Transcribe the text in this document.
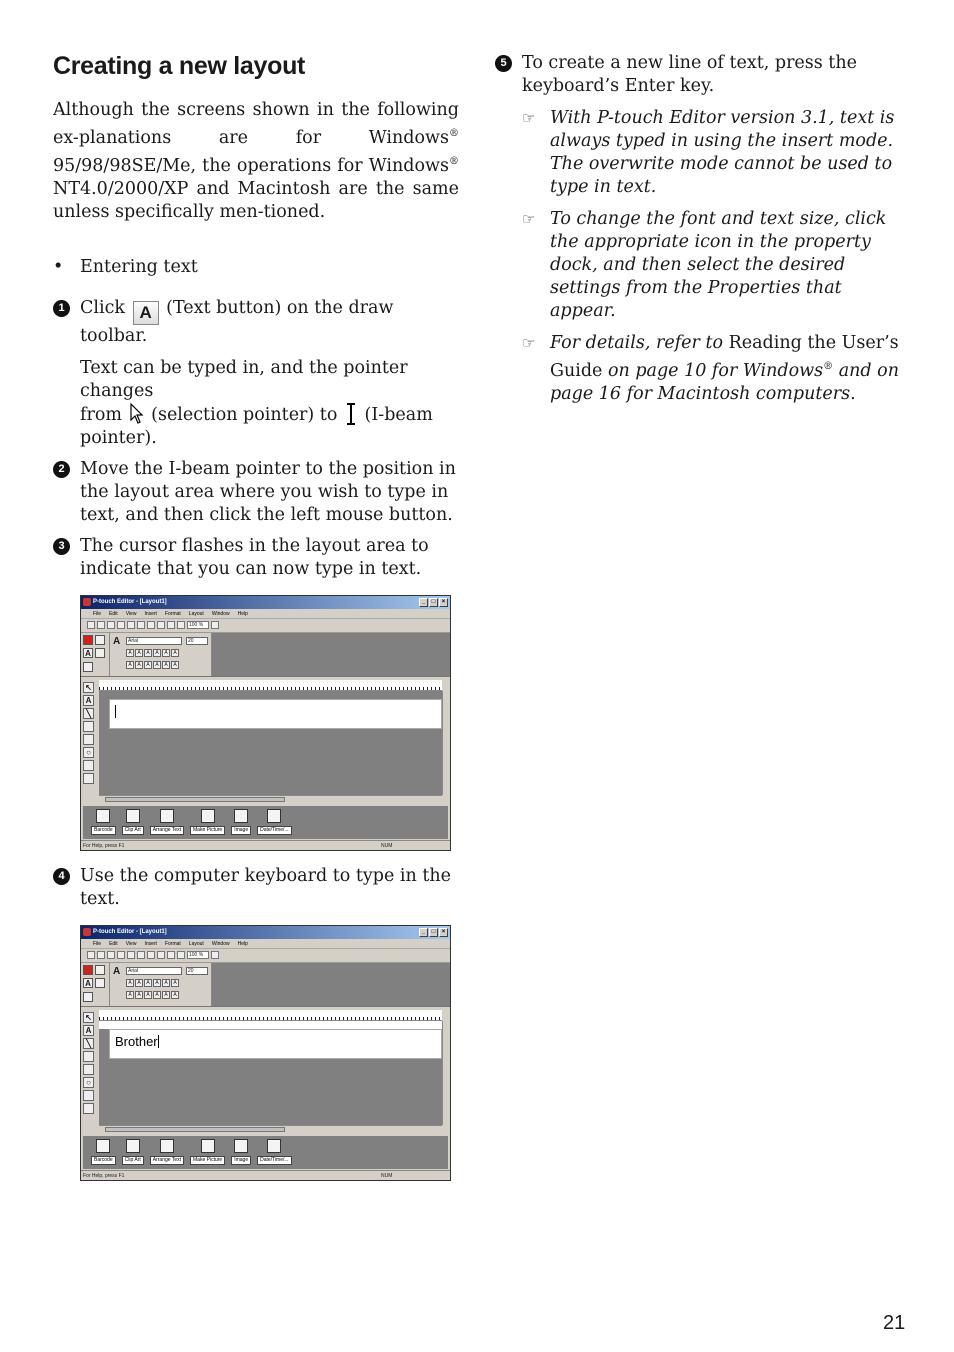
Creating a new layout

Although the screens shown in the following ex-planations are for Windows® 95/98/98SE/Me, the operations for Windows® NT4.0/2000/XP and Macintosh are the same unless specifically men-tioned.

• Entering text
1 Click A (Text button) on the draw toolbar.

Text can be typed in, and the pointer changes
from (selection pointer) to (I-beam
pointer).

2 Move the I-beam pointer to the position in the layout area where you wish to type in text, and then click the left mouse button.

3 The cursor flashes in the layout area to indicate that you can now type in text.

P-touch Editor - [Layout1]	_	□	×
File Edit View Insert Format Layout Window Help
100 %
A
A	Arial	20
A	A	A	A	A	A
A	A	A	A	A	A
↖
A
╲
○
Barcode	Clip Art	Arrange Text	Make Picture	Image	Date/Time/...
For Help, press F1	NUM
4 Use the computer keyboard to type in the text.

P-touch Editor - [Layout1]	_	□	×
File Edit View Insert Format Layout Window Help
100 %
A
A	Arial	20
A	A	A	A	A	A
A	A	A	A	A	A
↖
A
╲
○
Brother
Barcode	Clip Art	Arrange Text	Make Picture	Image	Date/Time/...
For Help, press F1	NUM
5 To create a new line of text, press the keyboard’s Enter key.

☞ With P-touch Editor version 3.1, text is always typed in using the insert mode. The overwrite mode cannot be used to type in text.
☞ To change the font and text size, click the appropriate icon in the property dock, and then select the desired settings from the Properties that appear.
☞ For details, refer to Reading the User’s Guide on page 10 for Windows® and on page 16 for Macintosh computers.
21
